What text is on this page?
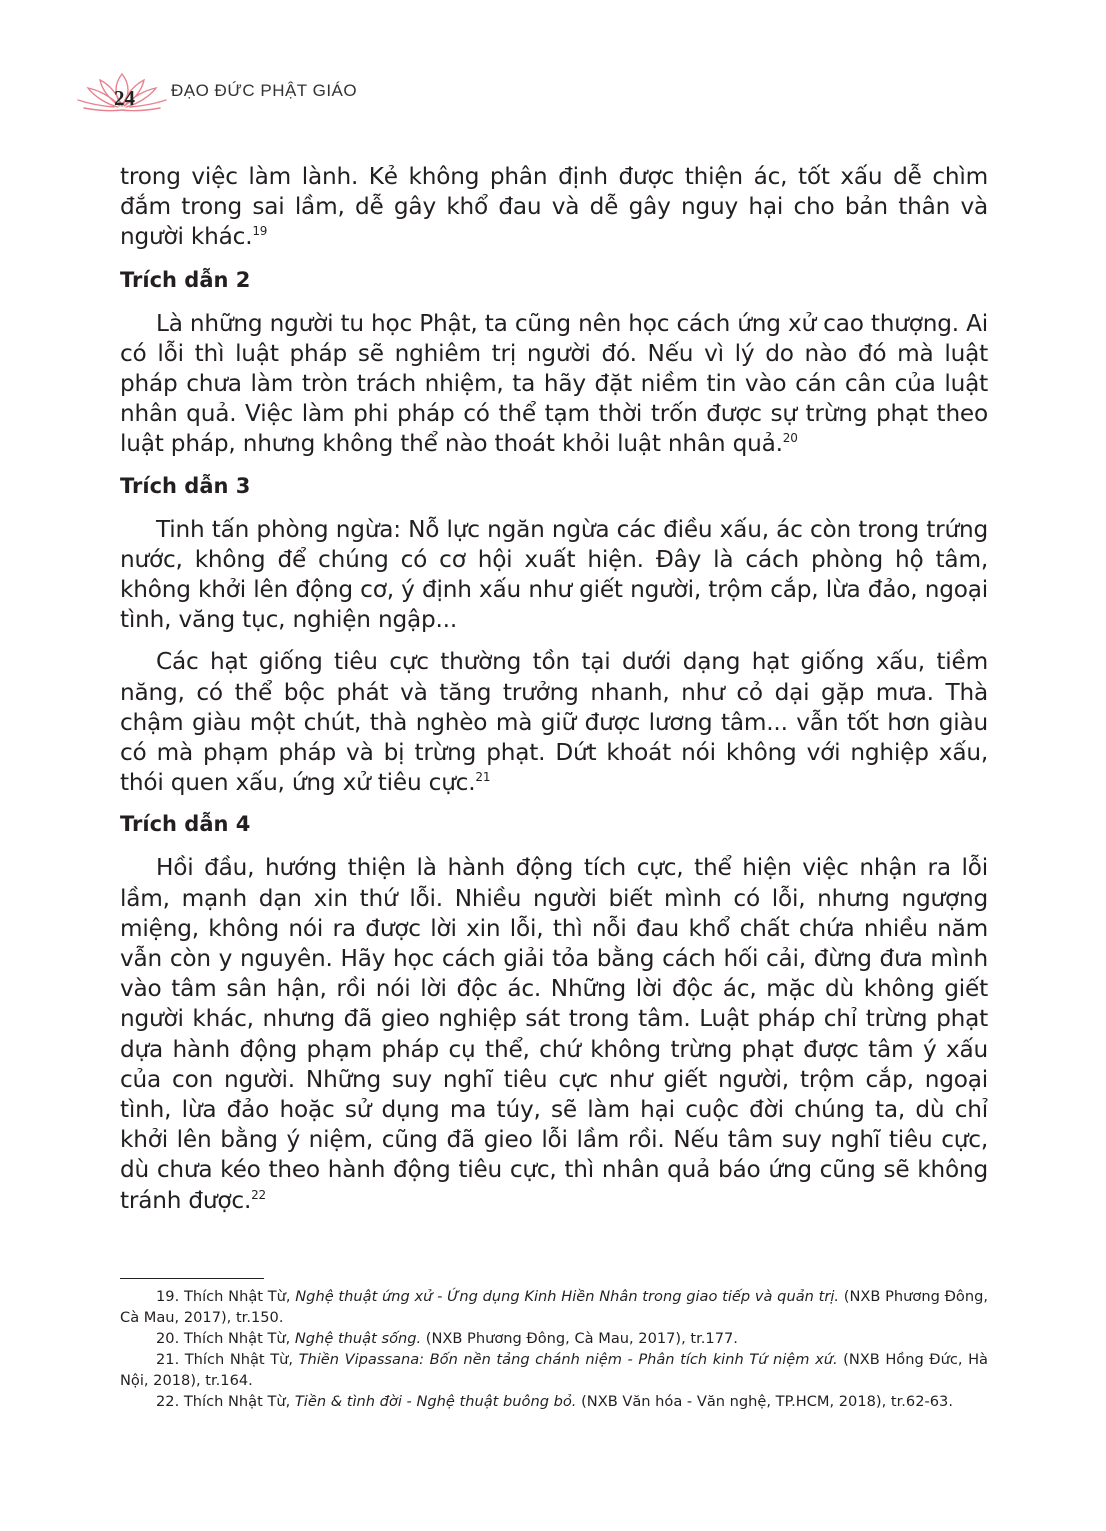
24 ĐẠO ĐỨC PHẬT GIÁO

trong việc làm lành. Kẻ không phân định được thiện ác, tốt xấu dễ chìm đắm trong sai lầm, dễ gây khổ đau và dễ gây nguy hại cho bản thân và người khác.$^{19}$

Trích dẫn 2

Là những người tu học Phật, ta cũng nên học cách ứng xử cao thượng. Ai có lỗi thì luật pháp sẽ nghiêm trị người đó. Nếu vì lý do nào đó mà luật pháp chưa làm tròn trách nhiệm, ta hãy đặt niềm tin vào cán cân của luật nhân quả. Việc làm phi pháp có thể tạm thời trốn được sự trừng phạt theo luật pháp, nhưng không thể nào thoát khỏi luật nhân quả.$^{20}$

Trích dẫn 3

Tinh tấn phòng ngừa: Nỗ lực ngăn ngừa các điều xấu, ác còn trong trứng nước, không để chúng có cơ hội xuất hiện. Đây là cách phòng hộ tâm, không khởi lên động cơ, ý định xấu như giết người, trộm cắp, lừa đảo, ngoại tình, văng tục, nghiện ngập...

Các hạt giống tiêu cực thường tồn tại dưới dạng hạt giống xấu, tiềm năng, có thể bộc phát và tăng trưởng nhanh, như cỏ dại gặp mưa. Thà chậm giàu một chút, thà nghèo mà giữ được lương tâm... vẫn tốt hơn giàu có mà phạm pháp và bị trừng phạt. Dứt khoát nói không với nghiệp xấu, thói quen xấu, ứng xử tiêu cực.$^{21}$

Trích dẫn 4

Hồi đầu, hướng thiện là hành động tích cực, thể hiện việc nhận ra lỗi lầm, mạnh dạn xin thứ lỗi. Nhiều người biết mình có lỗi, nhưng ngượng miệng, không nói ra được lời xin lỗi, thì nỗi đau khổ chất chứa nhiều năm vẫn còn y nguyên. Hãy học cách giải tỏa bằng cách hối cải, đừng đưa mình vào tâm sân hận, rồi nói lời độc ác. Những lời độc ác, mặc dù không giết người khác, nhưng đã gieo nghiệp sát trong tâm. Luật pháp chỉ trừng phạt dựa hành động phạm pháp cụ thể, chứ không trừng phạt được tâm ý xấu của con người. Những suy nghĩ tiêu cực như giết người, trộm cắp, ngoại tình, lừa đảo hoặc sử dụng ma túy, sẽ làm hại cuộc đời chúng ta, dù chỉ khởi lên bằng ý niệm, cũng đã gieo lỗi lầm rồi. Nếu tâm suy nghĩ tiêu cực, dù chưa kéo theo hành động tiêu cực, thì nhân quả báo ứng cũng sẽ không tránh được.$^{22}$

19. Thích Nhật Từ, Nghệ thuật ứng xử - Ứng dụng Kinh Hiền Nhân trong giao tiếp và quản trị. (NXB Phương Đông, Cà Mau, 2017), tr.150.

20. Thích Nhật Từ, Nghệ thuật sống. (NXB Phương Đông, Cà Mau, 2017), tr.177.

21. Thích Nhật Từ, Thiền Vipassana: Bốn nền tảng chánh niệm - Phân tích kinh Tứ niệm xứ. (NXB Hồng Đức, Hà Nội, 2018), tr.164.

22. Thích Nhật Từ, Tiền & tình đời - Nghệ thuật buông bỏ. (NXB Văn hóa - Văn nghệ, TP.HCM, 2018), tr.62-63.
